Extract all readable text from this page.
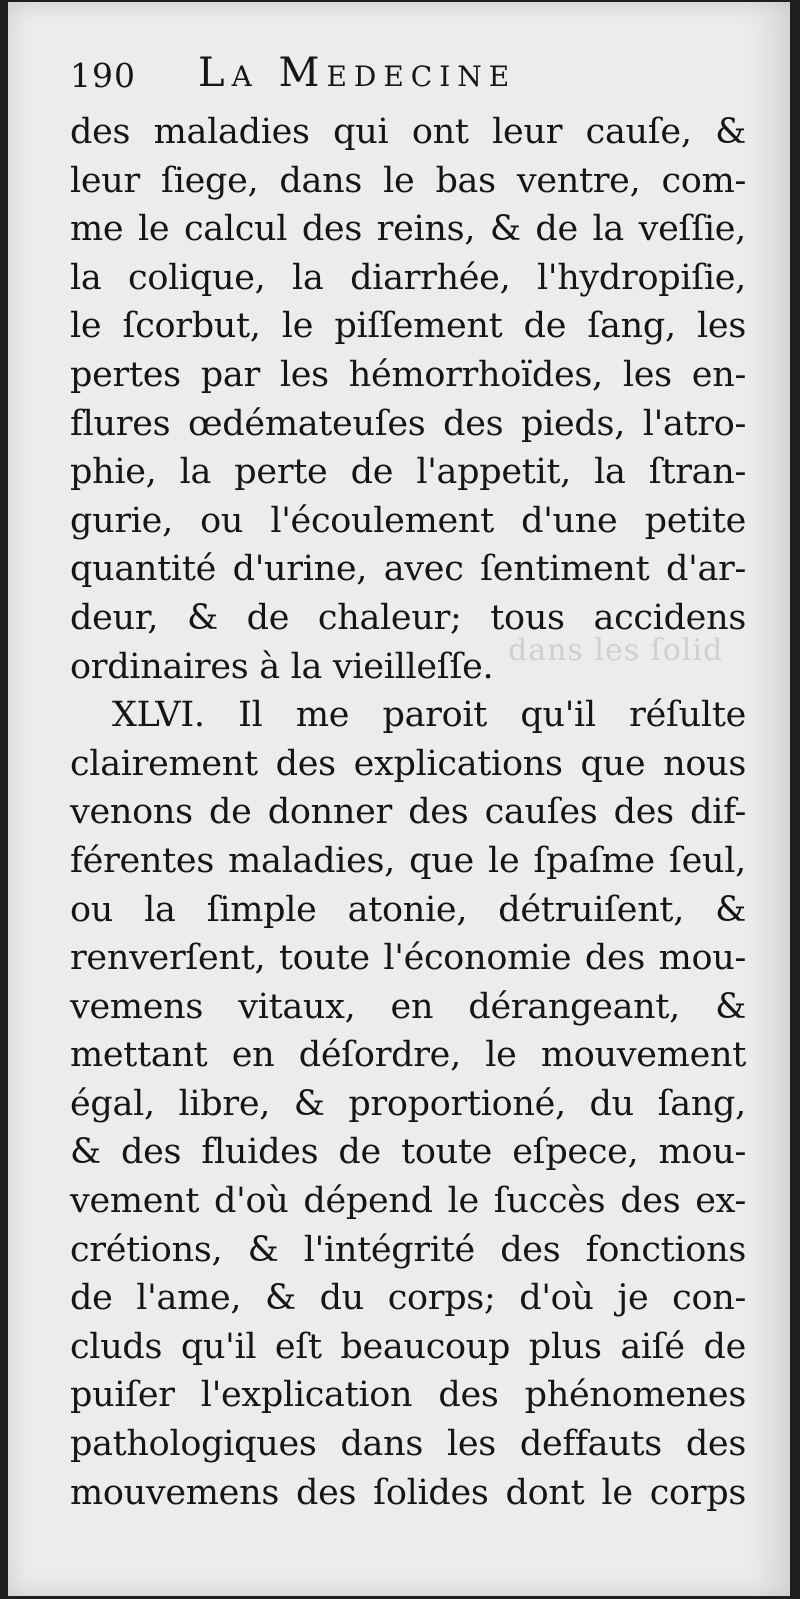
190 La Medecine
dans les ſolid
des maladies qui ont leur cauſe, &
leur ſiege, dans le bas ventre, com-
me le calcul des reins, & de la veſſie,
la colique, la diarrhée, l'hydropiſie,
le ſcorbut, le piſſement de ſang, les
pertes par les hémorrhoïdes, les en-
flures œdémateuſes des pieds, l'atro-
phie, la perte de l'appetit, la ſtran-
gurie, ou l'écoulement d'une petite
quantité d'urine, avec ſentiment d'ar-
deur, & de chaleur; tous accidens
ordinaires à la vieilleſſe.
XLVI. Il me paroit qu'il réſulte
clairement des explications que nous
venons de donner des cauſes des dif-
férentes maladies, que le ſpaſme ſeul,
ou la ſimple atonie, détruiſent, &
renverſent, toute l'économie des mou-
vemens vitaux, en dérangeant, &
mettant en déſordre, le mouvement
égal, libre, & proportioné, du ſang,
& des fluides de toute eſpece, mou-
vement d'où dépend le ſuccès des ex-
crétions, & l'intégrité des fonctions
de l'ame, & du corps; d'où je con-
cluds qu'il eſt beaucoup plus aiſé de
puiſer l'explication des phénomenes
pathologiques dans les deffauts des
mouvemens des ſolides dont le corps
